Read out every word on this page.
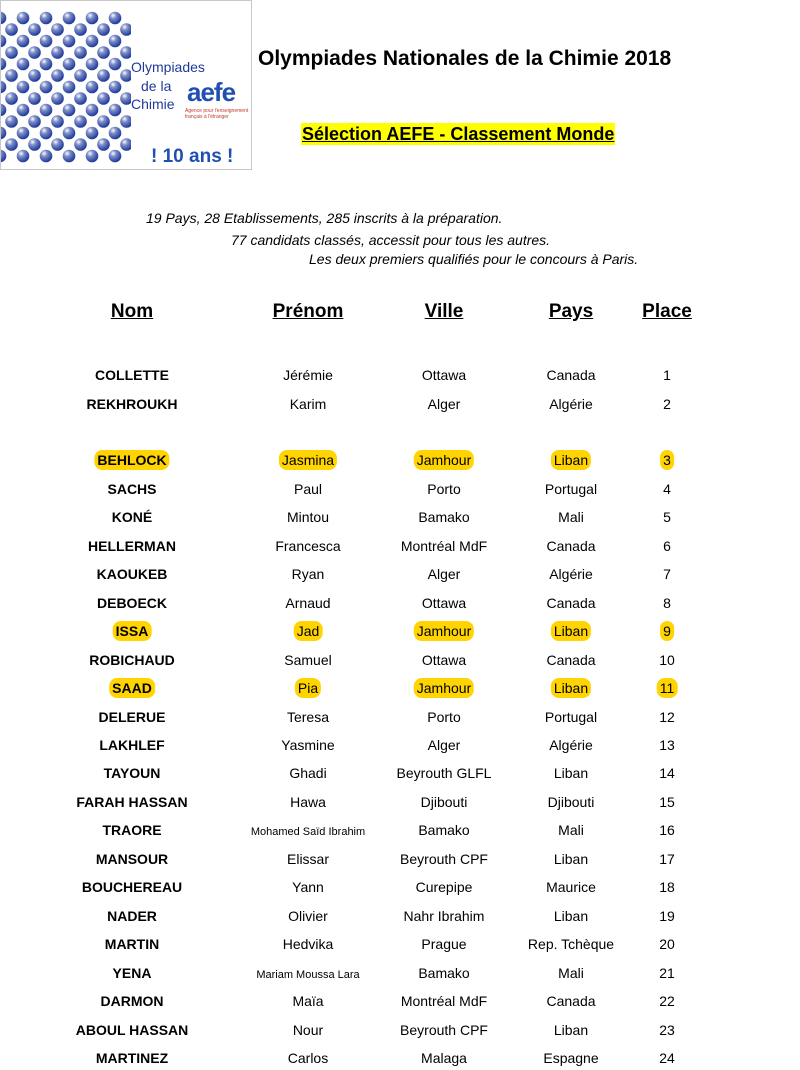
Olympiades
de la
Chimie aefe
Agence pour l'enseignement français à l'étranger
! 10 ans !
Olympiades Nationales de la Chimie 2018
Sélection AEFE - Classement Monde
19 Pays, 28 Etablissements, 285 inscrits à la préparation.
77 candidats classés, accessit pour tous les autres.
Les deux premiers qualifiés pour le concours à Paris.
Nom	Prénom	Ville	Pays	Place
COLLETTE	Jérémie	Ottawa	Canada	1
REKHROUKH	Karim	Alger	Algérie	2
BEHLOCK	Jasmina	Jamhour	Liban	3
SACHS	Paul	Porto	Portugal	4
KONÉ	Mintou	Bamako	Mali	5
HELLERMAN	Francesca	Montréal MdF	Canada	6
KAOUKEB	Ryan	Alger	Algérie	7
DEBOECK	Arnaud	Ottawa	Canada	8
ISSA	Jad	Jamhour	Liban	9
ROBICHAUD	Samuel	Ottawa	Canada	10
SAAD	Pia	Jamhour	Liban	11
DELERUE	Teresa	Porto	Portugal	12
LAKHLEF	Yasmine	Alger	Algérie	13
TAYOUN	Ghadi	Beyrouth GLFL	Liban	14
FARAH HASSAN	Hawa	Djibouti	Djibouti	15
TRAORE	Mohamed Saïd Ibrahim	Bamako	Mali	16
MANSOUR	Elissar	Beyrouth CPF	Liban	17
BOUCHEREAU	Yann	Curepipe	Maurice	18
NADER	Olivier	Nahr Ibrahim	Liban	19
MARTIN	Hedvika	Prague	Rep. Tchèque	20
YENA	Mariam Moussa Lara	Bamako	Mali	21
DARMON	Maïa	Montréal MdF	Canada	22
ABOUL HASSAN	Nour	Beyrouth CPF	Liban	23
MARTINEZ	Carlos	Malaga	Espagne	24
